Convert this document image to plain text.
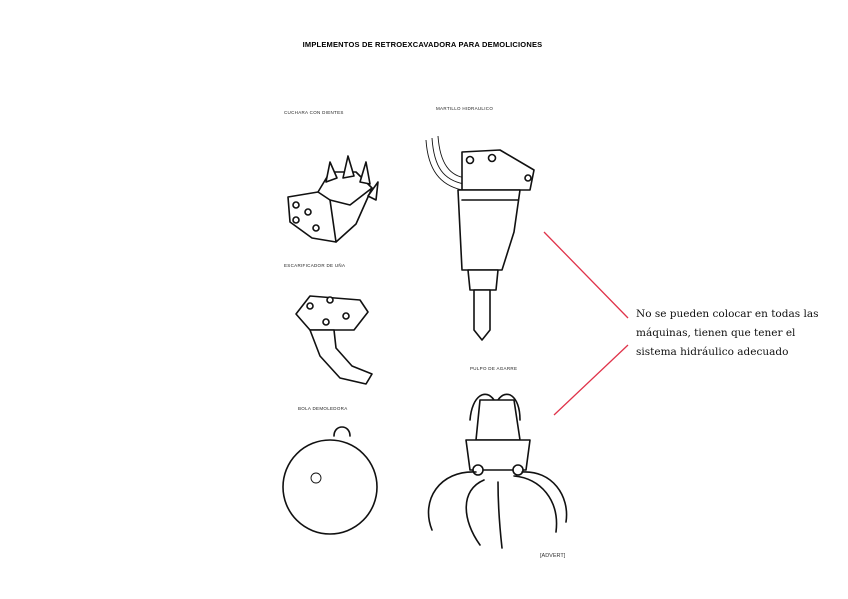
IMPLEMENTOS DE RETROEXCAVADORA PARA DEMOLICIONES
CUCHARA CON DIENTES
MARTILLO HIDRAULICO
ESCARIFICADOR DE UÑA
PULPO DE AGARRE
BOLA DEMOLEDORA
[ADVERT]
No se pueden colocar en todas las máquinas, tienen que tener el sistema hidráulico adecuado
